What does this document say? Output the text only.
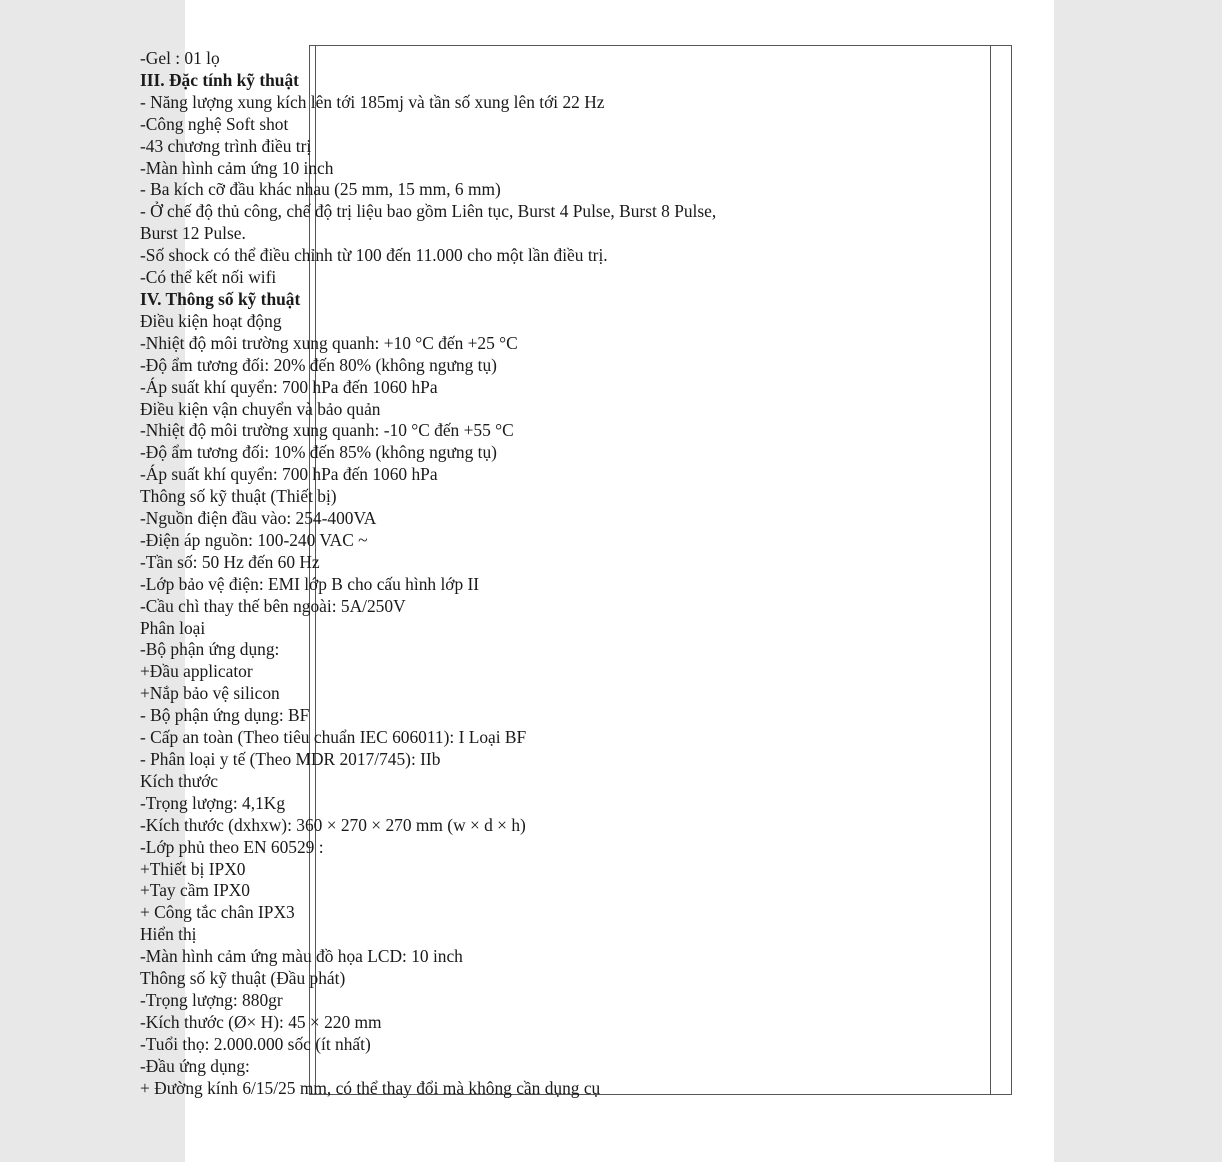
-Gel : 01 lọ
III. Đặc tính kỹ thuật
- Năng lượng xung kích lên tới 185mj và tần số xung lên tới 22 Hz
-Công nghệ Soft shot
-43 chương trình điều trị
-Màn hình cảm ứng 10 inch
- Ba kích cỡ đầu khác nhau (25 mm, 15 mm, 6 mm)
- Ở chế độ thủ công, chế độ trị liệu bao gồm Liên tục, Burst 4 Pulse, Burst 8 Pulse,
Burst 12 Pulse.
-Số shock có thể điều chỉnh từ 100 đến 11.000 cho một lần điều trị.
-Có thể kết nối wifi
IV. Thông số kỹ thuật
Điều kiện hoạt động
-Nhiệt độ môi trường xung quanh: +10 °C đến +25 °C
-Độ ẩm tương đối: 20% đến 80% (không ngưng tụ)
-Áp suất khí quyển: 700 hPa đến 1060 hPa
Điều kiện vận chuyển và bảo quản
-Nhiệt độ môi trường xung quanh: -10 °C đến +55 °C
-Độ ẩm tương đối: 10% đến 85% (không ngưng tụ)
-Áp suất khí quyển: 700 hPa đến 1060 hPa
Thông số kỹ thuật (Thiết bị)
-Nguồn điện đầu vào: 254-400VA
-Điện áp nguồn: 100-240 VAC ~
-Tần số: 50 Hz đến 60 Hz
-Lớp bảo vệ điện: EMI lớp B cho cấu hình lớp II
-Cầu chì thay thế bên ngoài: 5A/250V
Phân loại
-Bộ phận ứng dụng:
+Đầu applicator
+Nắp bảo vệ silicon
- Bộ phận ứng dụng: BF
- Cấp an toàn (Theo tiêu chuẩn IEC 606011): I Loại BF
- Phân loại y tế (Theo MDR 2017/745): IIb
Kích thước
-Trọng lượng: 4,1Kg
-Kích thước (dxhxw): 360 × 270 × 270 mm (w × d × h)
-Lớp phủ theo EN 60529 :
+Thiết bị IPX0
+Tay cầm IPX0
+ Công tắc chân IPX3
Hiển thị
-Màn hình cảm ứng màu đồ họa LCD: 10 inch
Thông số kỹ thuật (Đầu phát)
-Trọng lượng: 880gr
-Kích thước (Ø× H): 45 × 220 mm
-Tuổi thọ: 2.000.000 sốc (ít nhất)
-Đầu ứng dụng:
+ Đường kính 6/15/25 mm, có thể thay đổi mà không cần dụng cụ
